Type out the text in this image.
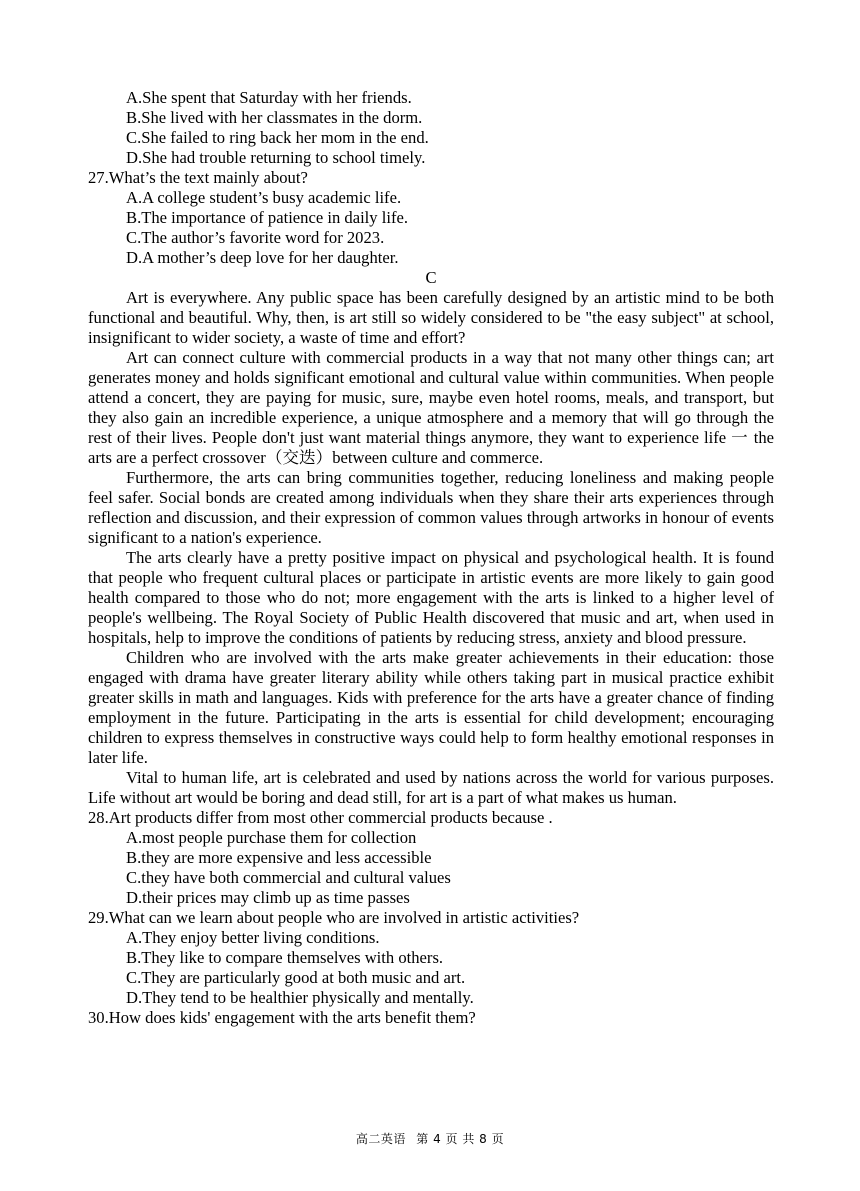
A.She spent that Saturday with her friends.

B.She lived with her classmates in the dorm.

C.She failed to ring back her mom in the end.

D.She had trouble returning to school timely.

27.What’s the text mainly about?

A.A college student’s busy academic life.

B.The importance of patience in daily life.

C.The author’s favorite word for 2023.

D.A mother’s deep love for her daughter.

C

Art is everywhere. Any public space has been carefully designed by an artistic mind to be both functional and beautiful. Why, then, is art still so widely considered to be "the easy subject" at school, insignificant to wider society, a waste of time and effort?

Art can connect culture with commercial products in a way that not many other things can; art generates money and holds significant emotional and cultural value within communities. When people attend a concert, they are paying for music, sure, maybe even hotel rooms, meals, and transport, but they also gain an incredible experience, a unique atmosphere and a memory that will go through the rest of their lives. People don't just want material things anymore, they want to experience life 一 the arts are a perfect crossover（交迭）between culture and commerce.

Furthermore, the arts can bring communities together, reducing loneliness and making people feel safer. Social bonds are created among individuals when they share their arts experiences through reflection and discussion, and their expression of common values through artworks in honour of events significant to a nation's experience.

The arts clearly have a pretty positive impact on physical and psychological health. It is found that people who frequent cultural places or participate in artistic events are more likely to gain good health compared to those who do not; more engagement with the arts is linked to a higher level of people's wellbeing. The Royal Society of Public Health discovered that music and art, when used in hospitals, help to improve the conditions of patients by reducing stress, anxiety and blood pressure.

Children who are involved with the arts make greater achievements in their education: those engaged with drama have greater literary ability while others taking part in musical practice exhibit greater skills in math and languages. Kids with preference for the arts have a greater chance of finding employment in the future. Participating in the arts is essential for child development; encouraging children to express themselves in constructive ways could help to form healthy emotional responses in later life.

Vital to human life, art is celebrated and used by nations across the world for various purposes. Life without art would be boring and dead still, for art is a part of what makes us human.

28.Art products differ from most other commercial products because .

A.most people purchase them for collection

B.they are more expensive and less accessible

C.they have both commercial and cultural values

D.their prices may climb up as time passes

29.What can we learn about people who are involved in artistic activities?

A.They enjoy better living conditions.

B.They like to compare themselves with others.

C.They are particularly good at both music and art.

D.They tend to be healthier physically and mentally.

30.How does kids' engagement with the arts benefit them?

高二英语 第 4 页 共 8 页
